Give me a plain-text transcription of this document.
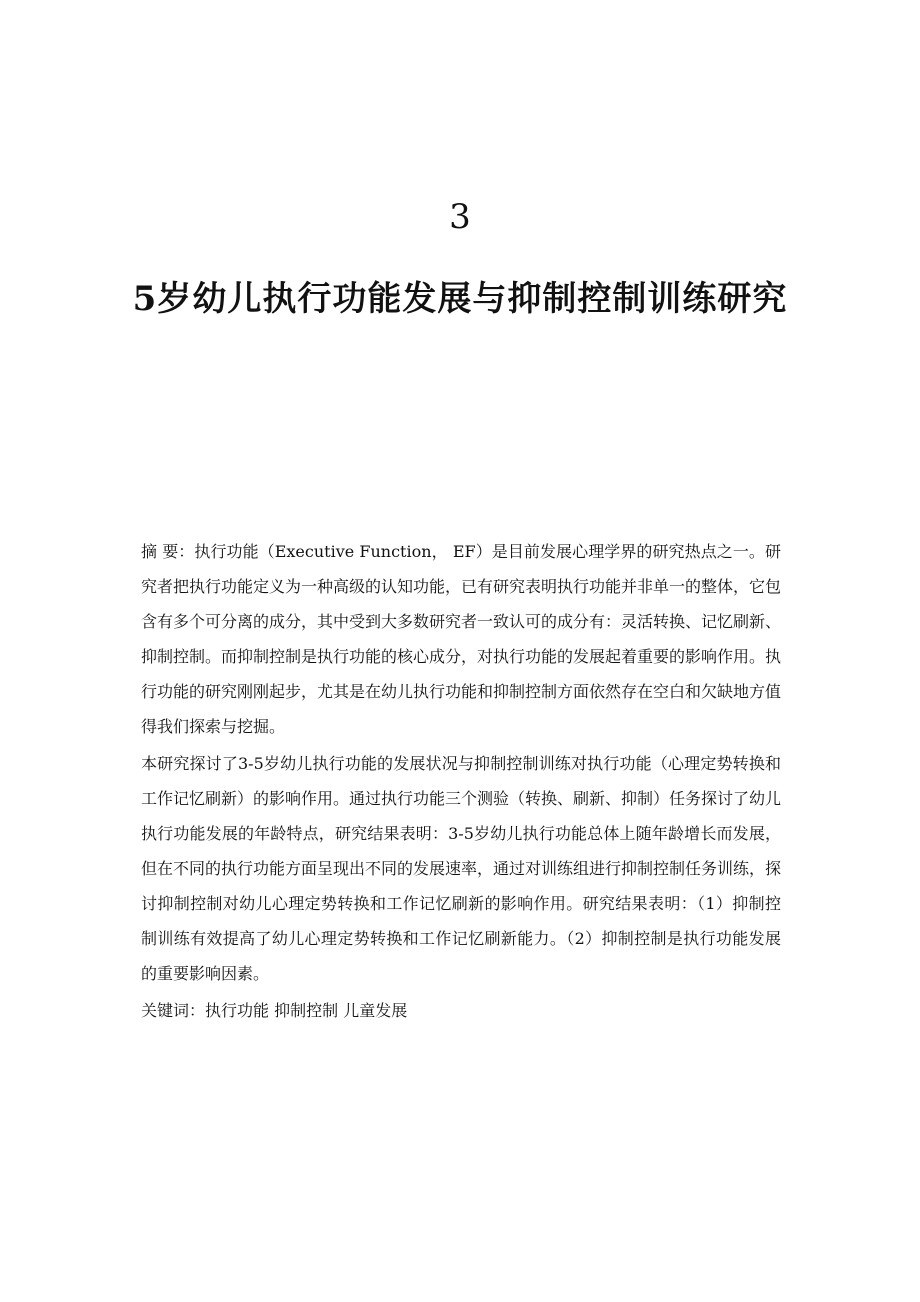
3
5岁幼儿执行功能发展与抑制控制训练研究

摘 要：执行功能（Executive Function， EF）是目前发展心理学界的研究热点之一。研究者把执行功能定义为一种高级的认知功能，已有研究表明执行功能并非单一的整体，它包含有多个可分离的成分，其中受到大多数研究者一致认可的成分有：灵活转换、记忆刷新、抑制控制。而抑制控制是执行功能的核心成分，对执行功能的发展起着重要的影响作用。执行功能的研究刚刚起步，尤其是在幼儿执行功能和抑制控制方面依然存在空白和欠缺地方值得我们探索与挖掘。

本研究探讨了3-5岁幼儿执行功能的发展状况与抑制控制训练对执行功能（心理定势转换和工作记忆刷新）的影响作用。通过执行功能三个测验（转换、刷新、抑制）任务探讨了幼儿执行功能发展的年龄特点，研究结果表明：3-5岁幼儿执行功能总体上随年龄增长而发展，但在不同的执行功能方面呈现出不同的发展速率，通过对训练组进行抑制控制任务训练，探讨抑制控制对幼儿心理定势转换和工作记忆刷新的影响作用。研究结果表明：（1）抑制控制训练有效提高了幼儿心理定势转换和工作记忆刷新能力。（2）抑制控制是执行功能发展的重要影响因素。

关键词：执行功能 抑制控制 儿童发展
